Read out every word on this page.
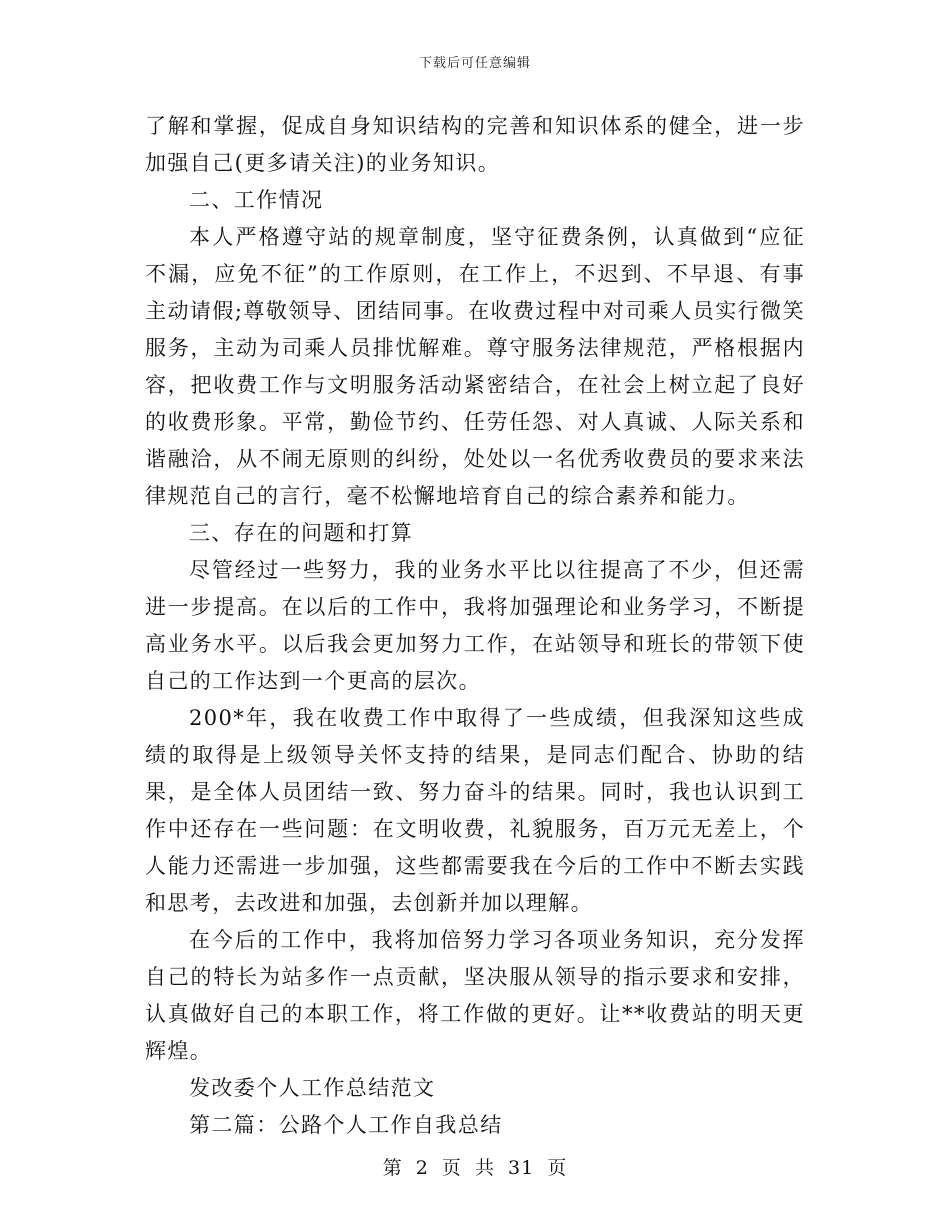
下载后可任意编辑

了解和掌握，促成自身知识结构的完善和知识体系的健全，进一步加强自己(更多请关注)的业务知识。

二、工作情况

本人严格遵守站的规章制度，坚守征费条例，认真做到“应征不漏，应免不征”的工作原则，在工作上，不迟到、不早退、有事主动请假;尊敬领导、团结同事。在收费过程中对司乘人员实行微笑服务，主动为司乘人员排忧解难。尊守服务法律规范，严格根据内容，把收费工作与文明服务活动紧密结合，在社会上树立起了良好的收费形象。平常，勤俭节约、任劳任怨、对人真诚、人际关系和谐融洽，从不闹无原则的纠纷，处处以一名优秀收费员的要求来法律规范自己的言行，毫不松懈地培育自己的综合素养和能力。

三、存在的问题和打算

尽管经过一些努力，我的业务水平比以往提高了不少，但还需进一步提高。在以后的工作中，我将加强理论和业务学习，不断提高业务水平。以后我会更加努力工作，在站领导和班长的带领下使自己的工作达到一个更高的层次。

200*年，我在收费工作中取得了一些成绩，但我深知这些成绩的取得是上级领导关怀支持的结果，是同志们配合、协助的结果，是全体人员团结一致、努力奋斗的结果。同时，我也认识到工作中还存在一些问题：在文明收费，礼貌服务，百万元无差上，个人能力还需进一步加强，这些都需要我在今后的工作中不断去实践和思考，去改进和加强，去创新并加以理解。

在今后的工作中，我将加倍努力学习各项业务知识，充分发挥自己的特长为站多作一点贡献，坚决服从领导的指示要求和安排，认真做好自己的本职工作，将工作做的更好。让**收费站的明天更辉煌。

发改委个人工作总结范文

第二篇：公路个人工作自我总结

第 2 页 共 31 页
